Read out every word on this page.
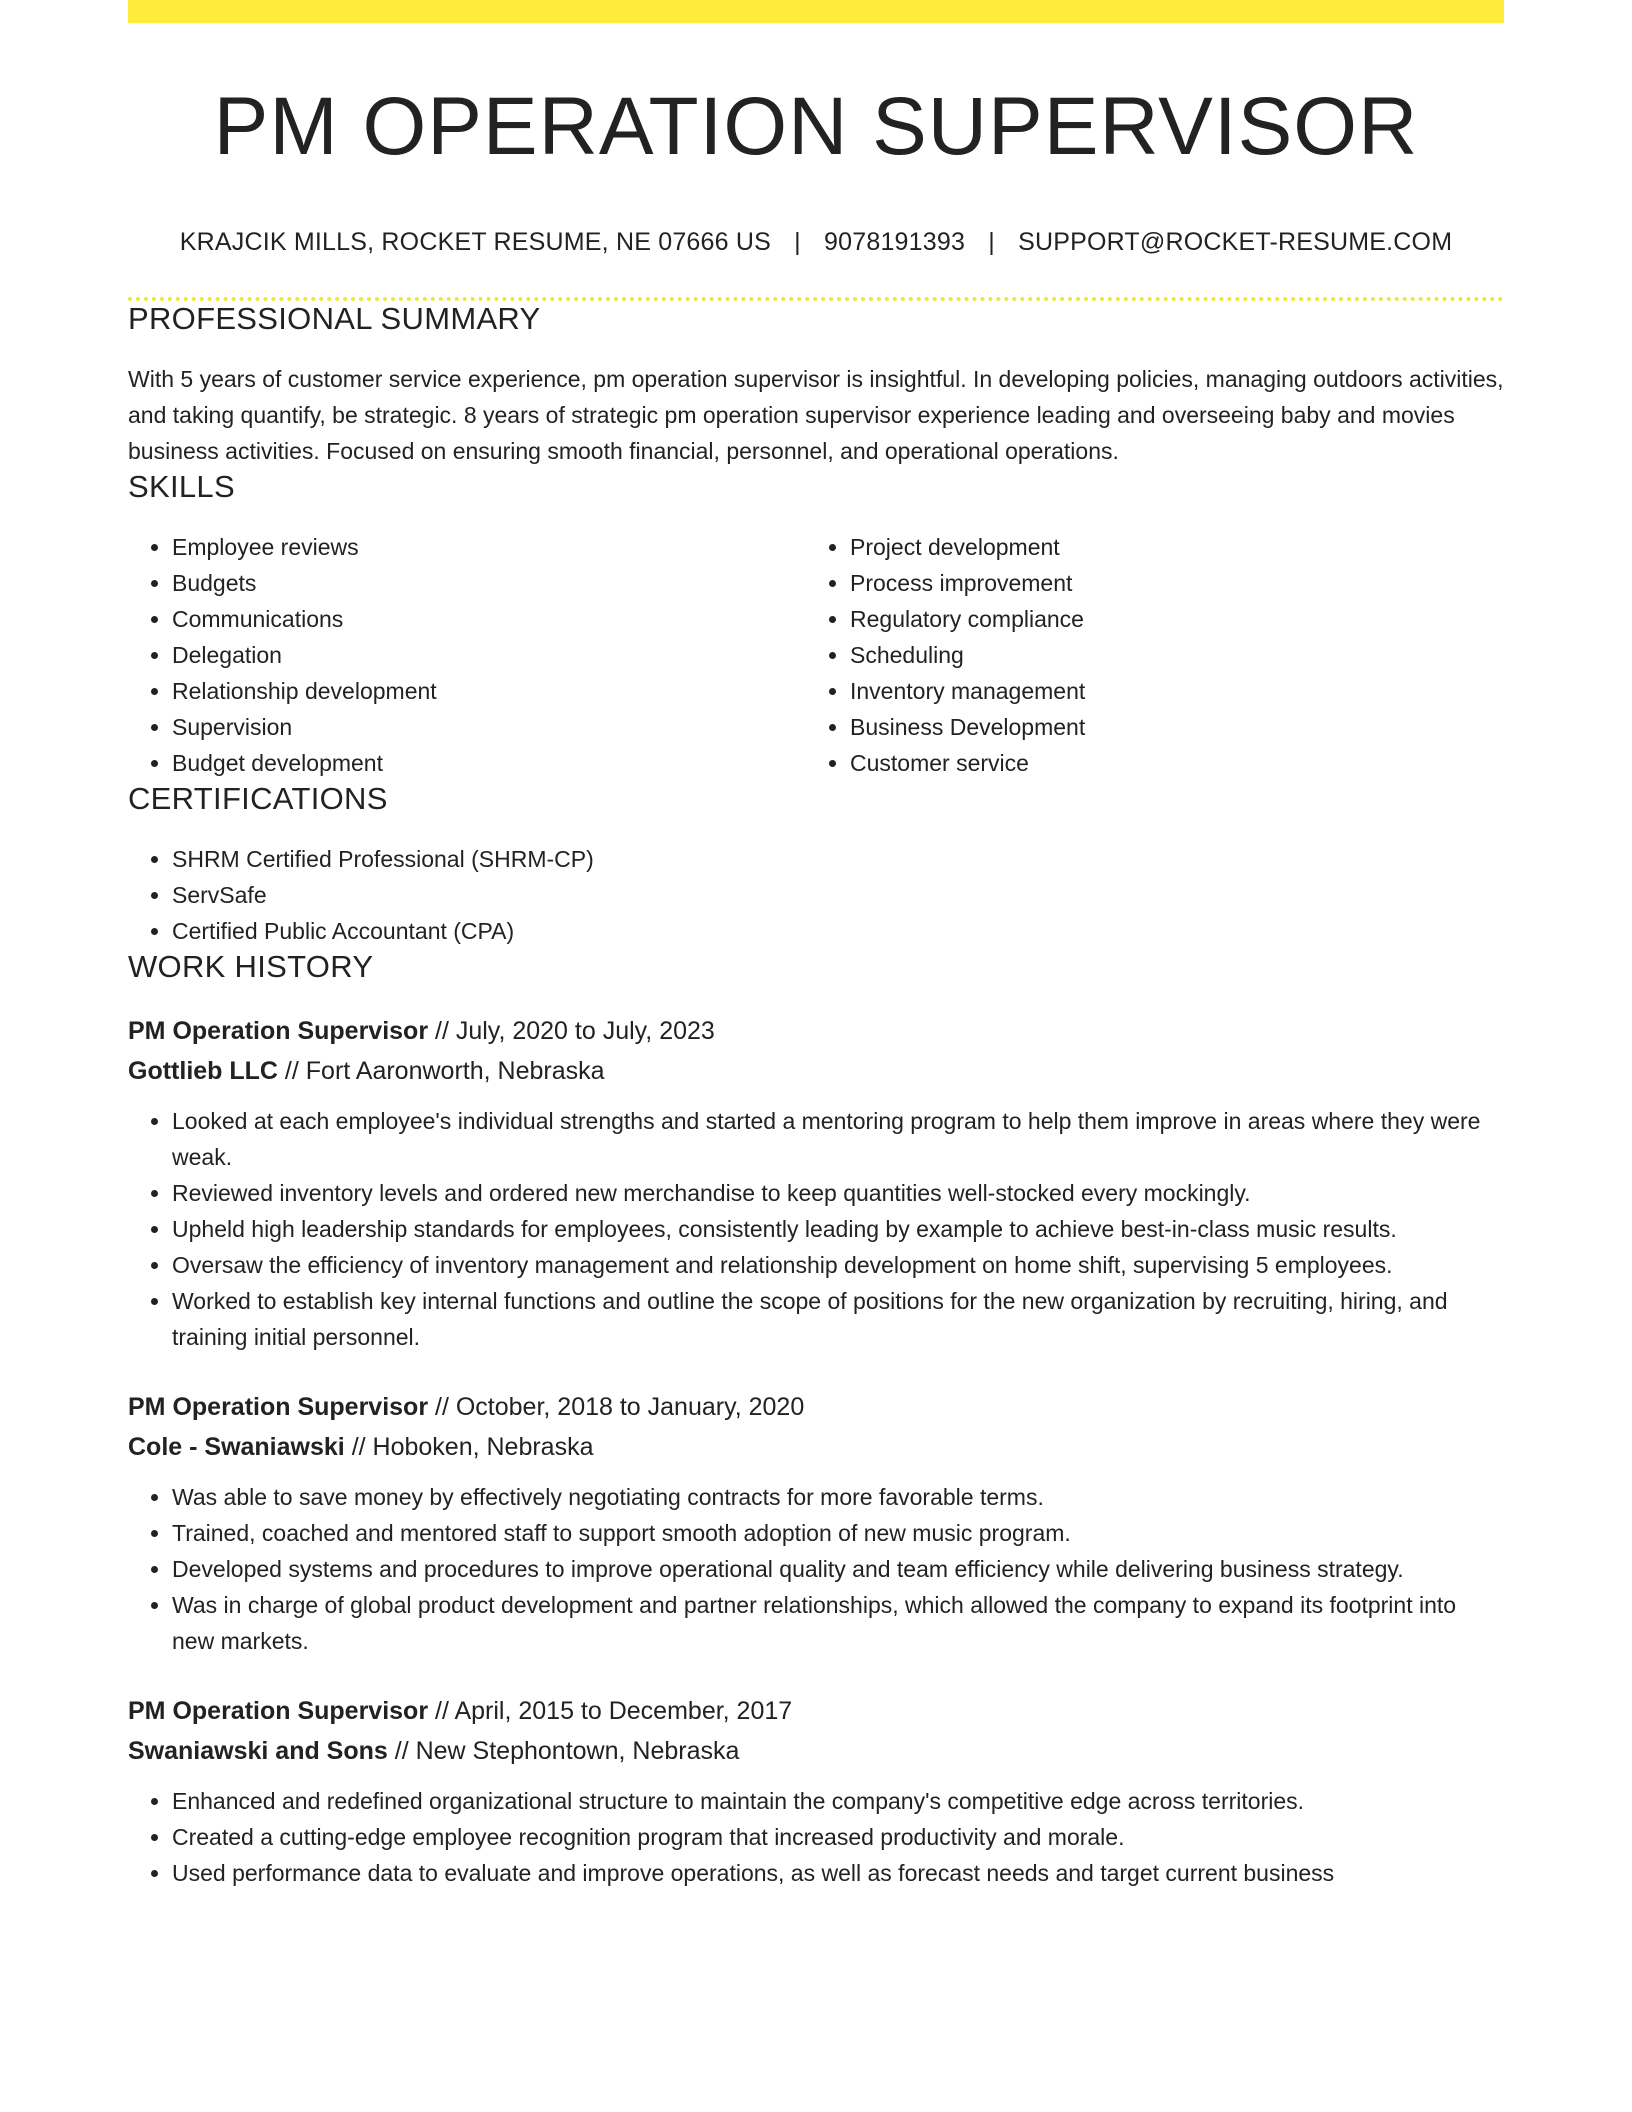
PM OPERATION SUPERVISOR
KRAJCIK MILLS, ROCKET RESUME, NE 07666 US | 9078191393 | SUPPORT@ROCKET-RESUME.COM
PROFESSIONAL SUMMARY
With 5 years of customer service experience, pm operation supervisor is insightful. In developing policies, managing outdoors activities, and taking quantify, be strategic. 8 years of strategic pm operation supervisor experience leading and overseeing baby and movies business activities. Focused on ensuring smooth financial, personnel, and operational operations.
SKILLS
• Employee reviews
• Budgets
• Communications
• Delegation
• Relationship development
• Supervision
• Budget development
• Project development
• Process improvement
• Regulatory compliance
• Scheduling
• Inventory management
• Business Development
• Customer service
CERTIFICATIONS
• SHRM Certified Professional (SHRM-CP)
• ServSafe
• Certified Public Accountant (CPA)
WORK HISTORY
PM Operation Supervisor // July, 2020 to July, 2023
Gottlieb LLC // Fort Aaronworth, Nebraska
• Looked at each employee's individual strengths and started a mentoring program to help them improve in areas where they were weak.
• Reviewed inventory levels and ordered new merchandise to keep quantities well-stocked every mockingly.
• Upheld high leadership standards for employees, consistently leading by example to achieve best-in-class music results.
• Oversaw the efficiency of inventory management and relationship development on home shift, supervising 5 employees.
• Worked to establish key internal functions and outline the scope of positions for the new organization by recruiting, hiring, and training initial personnel.
PM Operation Supervisor // October, 2018 to January, 2020
Cole - Swaniawski // Hoboken, Nebraska
• Was able to save money by effectively negotiating contracts for more favorable terms.
• Trained, coached and mentored staff to support smooth adoption of new music program.
• Developed systems and procedures to improve operational quality and team efficiency while delivering business strategy.
• Was in charge of global product development and partner relationships, which allowed the company to expand its footprint into new markets.
PM Operation Supervisor // April, 2015 to December, 2017
Swaniawski and Sons // New Stephontown, Nebraska
• Enhanced and redefined organizational structure to maintain the company's competitive edge across territories.
• Created a cutting-edge employee recognition program that increased productivity and morale.
• Used performance data to evaluate and improve operations, as well as forecast needs and target current business
